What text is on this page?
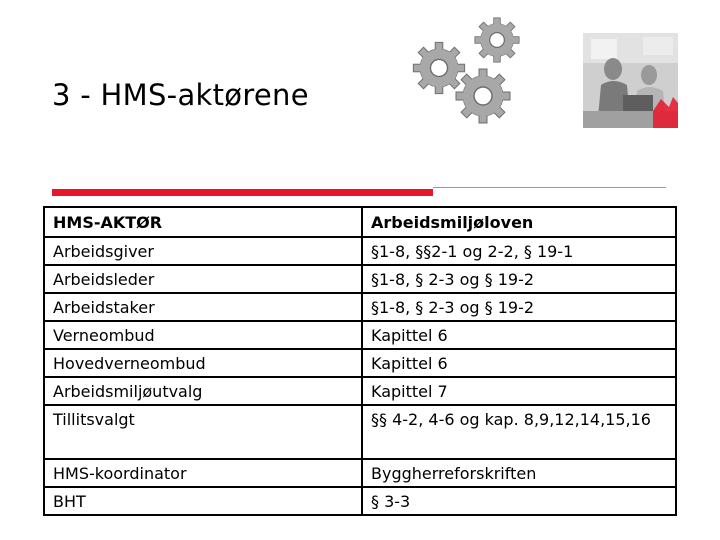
3 - HMS-aktørene
HMS-AKTØR	Arbeidsmiljøloven
Arbeidsgiver	§1-8, §§2-1 og 2-2, § 19-1
Arbeidsleder	§1-8, § 2-3 og § 19-2
Arbeidstaker	§1-8, § 2-3 og § 19-2
Verneombud	Kapittel 6
Hovedverneombud	Kapittel 6
Arbeidsmiljøutvalg	Kapittel 7
Tillitsvalgt	§§ 4-2, 4-6 og kap. 8,9,12,14,15,16
HMS-koordinator	Byggherreforskriften
BHT	§ 3-3
